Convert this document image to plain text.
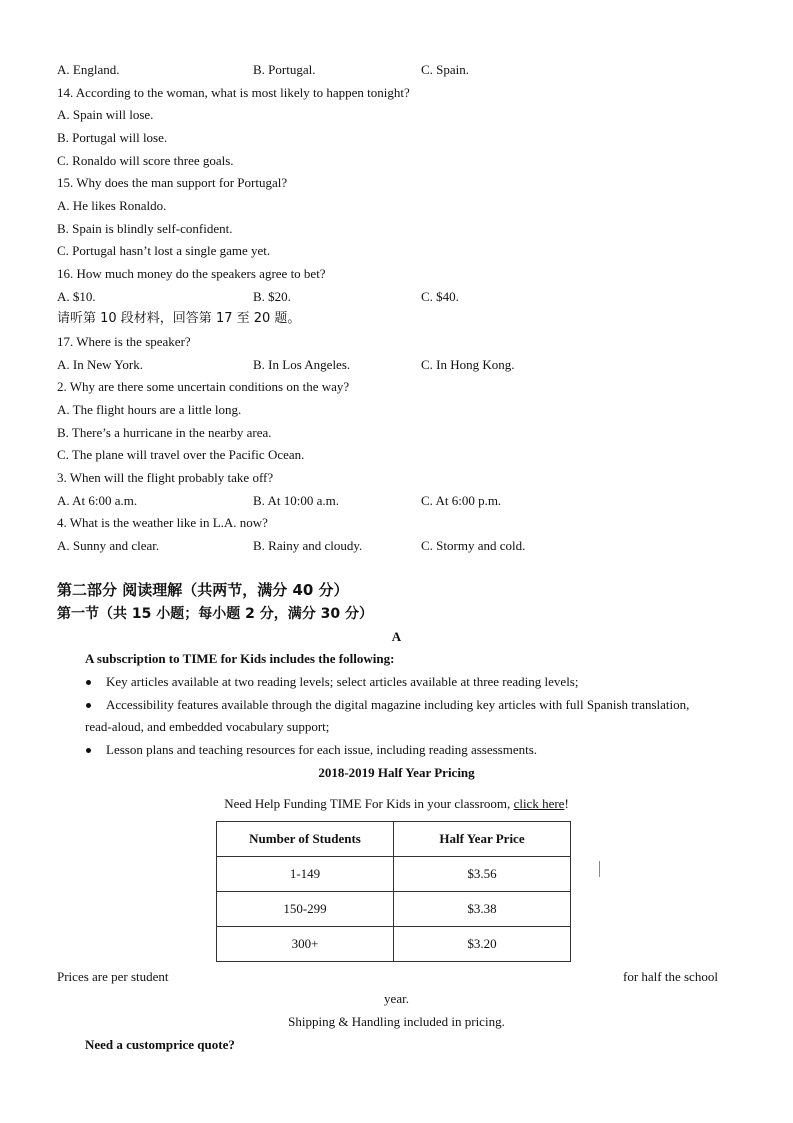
A. England.	B. Portugal.	C. Spain.
14. According to the woman, what is most likely to happen tonight?
A. Spain will lose.
B. Portugal will lose.
C. Ronaldo will score three goals.
15. Why does the man support for Portugal?
A. He likes Ronaldo.
B. Spain is blindly self-confident.
C. Portugal hasn’t lost a single game yet.
16. How much money do the speakers agree to bet?
A. $10.	B. $20.	C. $40.
请听第 10 段材料，回答第 17 至 20 题。
17. Where is the speaker?
A. In New York.	B. In Los Angeles.	C. In Hong Kong.
2. Why are there some uncertain conditions on the way?
A. The flight hours are a little long.
B. There’s a hurricane in the nearby area.
C. The plane will travel over the Pacific Ocean.
3. When will the flight probably take off?
A. At 6:00 a.m.	B. At 10:00 a.m.	C. At 6:00 p.m.
4. What is the weather like in L.A. now?
A. Sunny and clear.	B. Rainy and cloudy.	C. Stormy and cold.
第二部分 阅读理解（共两节，满分 40 分）
第一节（共 15 小题；每小题 2 分，满分 30 分）
A
A subscription to TIME for Kids includes the following:
Key articles available at two reading levels; select articles available at three reading levels;
Accessibility features available through the digital magazine including key articles with full Spanish translation,
read-aloud, and embedded vocabulary support;
Lesson plans and teaching resources for each issue, including reading assessments.
2018-2019 Half Year Pricing
Need Help Funding TIME For Kids in your classroom, click here!
Number of Students	Half Year Price
1-149	$3.56
150-299	$3.38
300+	$3.20
Prices are per student	for half the school
year.
Shipping & Handling included in pricing.
Need a customprice quote?
